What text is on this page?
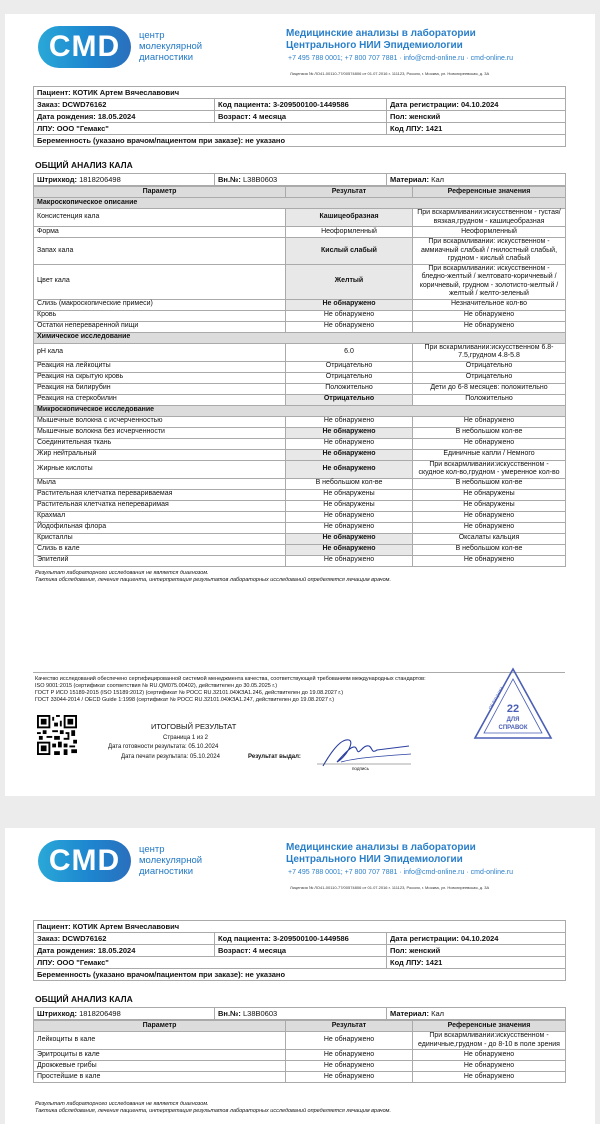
CMD	центр
молекулярной
диагностики
Медицинские анализы в лаборатории
Центрального НИИ Эпидемиологии
+7 495 788 0001; +7 800 707 7881 · info@cmd-online.ru · cmd-online.ru
Лицензия № ЛО41-00110-77/00574806 от 01.07.2016 г. 111123, Россия, г. Москва, ул. Новогиреевская, д. 3А
Пациент: КОТИК Артем Вячеславович		
Заказ: DCWD76162	Код пациента: 3-209500100-1449586	Дата регистрации: 04.10.2024
Дата рождения: 18.05.2024	Возраст: 4 месяца	Пол: женский
ЛПУ: ООО "Гемакс"		Код ЛПУ: 1421
Беременность (указано врачом/пациентом при заказе): не указано		
ОБЩИЙ АНАЛИЗ КАЛА
Штрихкод: 1818206498	Вн.№: L38B0603	Материал: Кал
Параметр	Результат	Референсные значения
Макроскопическое описание		
Консистенция кала	Кашицеобразная	При вскармливании:искусственном - густая/вязкая,грудном - кашицеобразная
Форма	Неоформленный	Неоформленный
Запах кала	Кислый слабый	При вскармливании: искусственном - аммиачный слабый / гнилостный слабый, грудном - кислый слабый
Цвет кала	Желтый	При вскармливании: искусственном - бледно-желтый / желтовато-коричневый / коричневый, грудном - золотисто-желтый / желтый / желто-зеленый
Слизь (макроскопические примеси)	Не обнаружено	Незначительное кол-во
Кровь	Не обнаружено	Не обнаружено
Остатки непереваренной пищи	Не обнаружено	Не обнаружено
Химическое исследование		
pH кала	6.0	При вскармливании:искусственном 6.8-7.5,грудном 4.8-5.8
Реакция на лейкоциты	Отрицательно	Отрицательно
Реакция на скрытую кровь	Отрицательно	Отрицательно
Реакция на билирубин	Положительно	Дети до 6-8 месяцев: положительно
Реакция на стеркобилин	Отрицательно	Положительно
Микроскопическое исследование		
Мышечные волокна с исчерченностью	Не обнаружено	Не обнаружено
Мышечные волокна без исчерченности	Не обнаружено	В небольшом кол-ве
Соединительная ткань	Не обнаружено	Не обнаружено
Жир нейтральный	Не обнаружено	Единичные капли / Немного
Жирные кислоты	Не обнаружено	При вскармливании:искусственном - скудное кол-во,грудном - умеренное кол-во
Мыла	В небольшом кол-ве	В небольшом кол-ве
Растительная клетчатка перевариваемая	Не обнаружены	Не обнаружены
Растительная клетчатка непереваримая	Не обнаружены	Не обнаружены
Крахмал	Не обнаружено	Не обнаружено
Йодофильная флора	Не обнаружено	Не обнаружено
Кристаллы	Не обнаружено	Оксалаты кальция
Слизь в кале	Не обнаружено	В небольшом кол-ве
Эпителий	Не обнаружено	Не обнаружено
Результат лабораторного исследования не является диагнозом.
Тактика обследования, лечения пациента, интерпретация результатов лабораторных исследований определяется лечащим врачом.
Качество исследований обеспечено сертифицированной системой менеджмента качества, соответствующей требованиям международных стандартов:
ISO 9001:2015 (сертификат соответствия № RU.QM075.00402), действителен до 30.05.2025 г.)
ГОСТ Р ИСО 15189-2015 (ISO 15189:2012) (сертификат № РОСС RU.32101.04ЖЗА1.246, действителен до 19.08.2027 г.)
ГОСТ 33044-2014 / OECD Guide 1:1998 (сертификат № РОСС RU.32101.04ЖЗА1.247, действителен до 19.08.2027 г.)
ИТОГОВЫЙ РЕЗУЛЬТАТ
Страница 1 из 2
Дата готовности результата: 05.10.2024
Дата печати результата: 05.10.2024	Результат выдал:
подпись
22
ДЛЯ
СПРАВОК
ОБЛУЦНИИ
CMD	центр
молекулярной
диагностики
Медицинские анализы в лаборатории
Центрального НИИ Эпидемиологии
+7 495 788 0001; +7 800 707 7881 · info@cmd-online.ru · cmd-online.ru
Лицензия № ЛО41-00110-77/00574806 от 01.07.2016 г. 111123, Россия, г. Москва, ул. Новогиреевская, д. 3А
Пациент: КОТИК Артем Вячеславович		
Заказ: DCWD76162	Код пациента: 3-209500100-1449586	Дата регистрации: 04.10.2024
Дата рождения: 18.05.2024	Возраст: 4 месяца	Пол: женский
ЛПУ: ООО "Гемакс"		Код ЛПУ: 1421
Беременность (указано врачом/пациентом при заказе): не указано		
ОБЩИЙ АНАЛИЗ КАЛА
Штрихкод: 1818206498	Вн.№: L38B0603	Материал: Кал
Параметр	Результат	Референсные значения
Лейкоциты в кале	Не обнаружено	При вскармливании:искусственном - единичные,грудном - до 8-10 в поле зрения
Эритроциты в кале	Не обнаружено	Не обнаружено
Дрожжевые грибы	Не обнаружено	Не обнаружено
Простейшие в кале	Не обнаружено	Не обнаружено
Результат лабораторного исследования не является диагнозом.
Тактика обследования, лечения пациента, интерпретация результатов лабораторных исследований определяется лечащим врачом.
